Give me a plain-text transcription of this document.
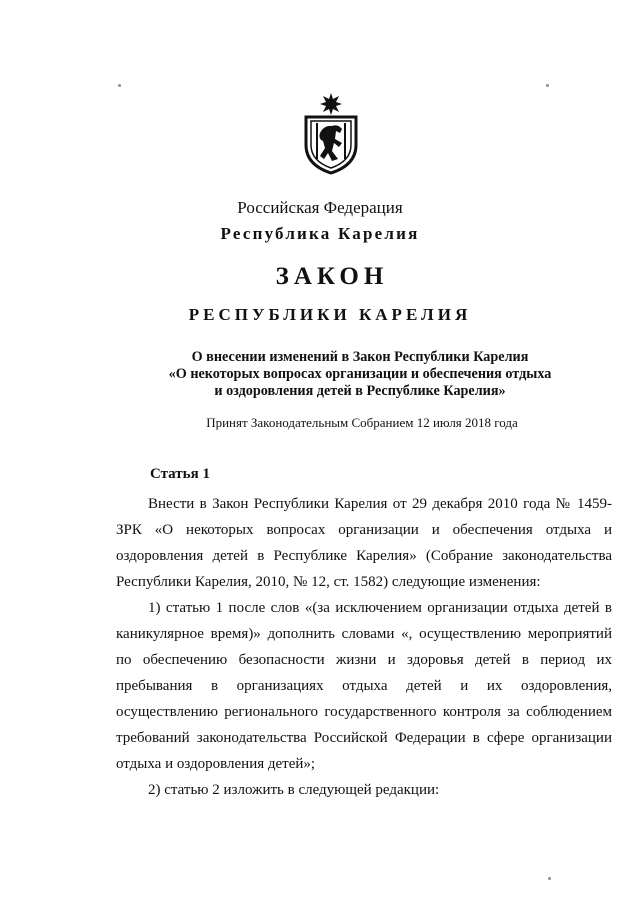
Российская Федерация
Республика Карелия
ЗАКОН
РЕСПУБЛИКИ КАРЕЛИЯ
О внесении изменений в Закон Республики Карелия
«О некоторых вопросах организации и обеспечения отдыха
и оздоровления детей в Республике Карелия»
Принят Законодательным Собранием 12 июля 2018 года
Статья 1

Внести в Закон Республики Карелия от 29 декабря 2010 года № 1459-ЗРК «О некоторых вопросах организации и обеспечения отдыха и оздоровления детей в Республике Карелия» (Собрание законодательства Республики Карелия, 2010, № 12, ст. 1582) следующие изменения:

1) статью 1 после слов «(за исключением организации отдыха детей в каникулярное время)» дополнить словами «, осуществлению мероприятий по обеспечению безопасности жизни и здоровья детей в период их пребывания в организациях отдыха детей и их оздоровления, осуществлению регионального государственного контроля за соблюдением требований законодательства Российской Федерации в сфере организации отдыха и оздоровления детей»;

2) статью 2 изложить в следующей редакции:
